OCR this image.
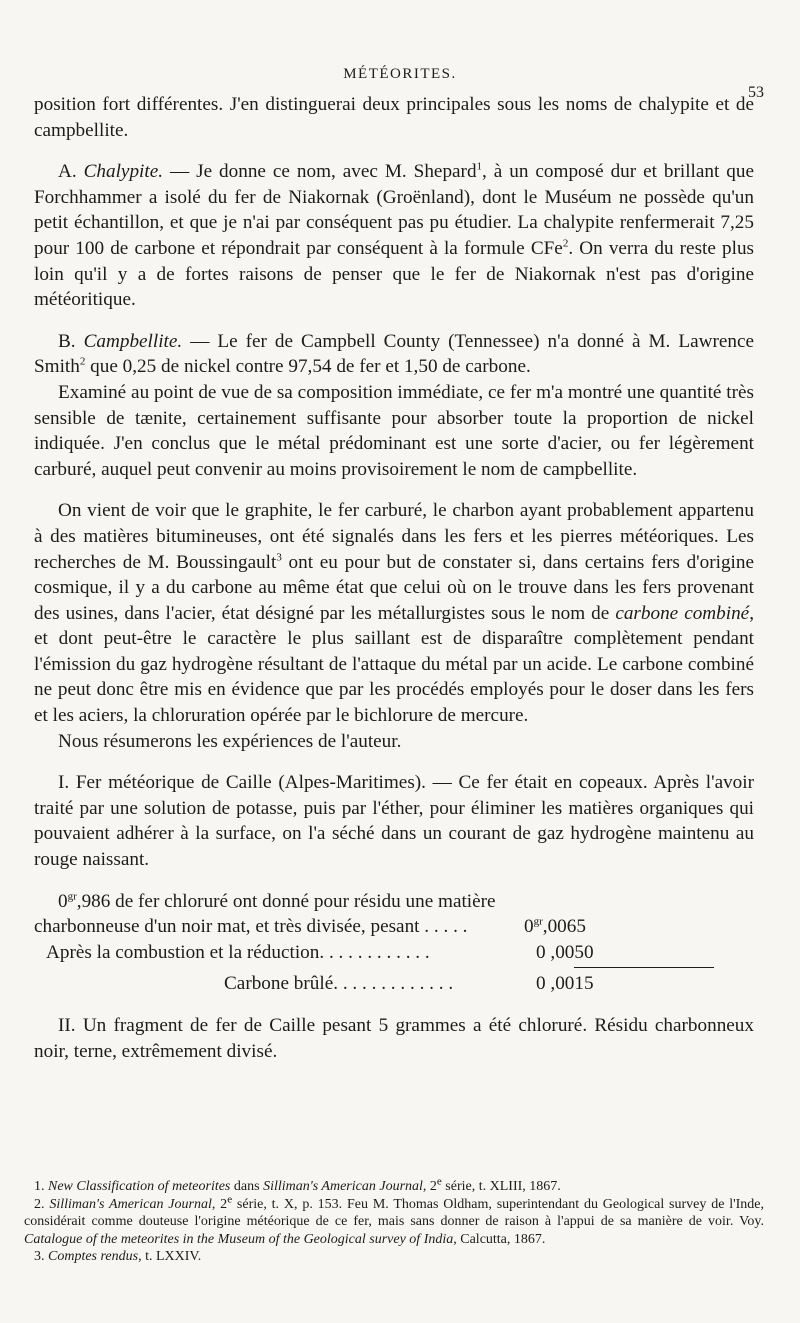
MÉTÉORITES.
53

position fort différentes. J'en distinguerai deux principales sous les noms de chalypite et de campbellite.

A. Chalypite. — Je donne ce nom, avec M. Shepard$^1$, à un composé dur et brillant que Forchhammer a isolé du fer de Niakornak (Groënland), dont le Muséum ne possède qu'un petit échantillon, et que je n'ai par conséquent pas pu étudier. La chalypite renfermerait 7,25 pour 100 de carbone et répondrait par conséquent à la formule CFe$^2$. On verra du reste plus loin qu'il y a de fortes raisons de penser que le fer de Niakornak n'est pas d'origine météoritique.

B. Campbellite. — Le fer de Campbell County (Tennessee) n'a donné à M. Lawrence Smith$^2$ que 0,25 de nickel contre 97,54 de fer et 1,50 de carbone.

Examiné au point de vue de sa composition immédiate, ce fer m'a montré une quantité très sensible de tænite, certainement suffisante pour absorber toute la proportion de nickel indiquée. J'en conclus que le métal prédominant est une sorte d'acier, ou fer légèrement carburé, auquel peut convenir au moins provisoirement le nom de campbellite.

On vient de voir que le graphite, le fer carburé, le charbon ayant probablement appartenu à des matières bitumineuses, ont été signalés dans les fers et les pierres météoriques. Les recherches de M. Boussingault$^3$ ont eu pour but de constater si, dans certains fers d'origine cosmique, il y a du carbone au même état que celui où on le trouve dans les fers provenant des usines, dans l'acier, état désigné par les métallurgistes sous le nom de carbone combiné, et dont peut-être le caractère le plus saillant est de disparaître complètement pendant l'émission du gaz hydrogène résultant de l'attaque du métal par un acide. Le carbone combiné ne peut donc être mis en évidence que par les procédés employés pour le doser dans les fers et les aciers, la chloruration opérée par le bichlorure de mercure.

Nous résumerons les expériences de l'auteur.

I. Fer météorique de Caille (Alpes-Maritimes). — Ce fer était en copeaux. Après l'avoir traité par une solution de potasse, puis par l'éther, pour éliminer les matières organiques qui pouvaient adhérer à la surface, on l'a séché dans un courant de gaz hydrogène maintenu au rouge naissant.

$0^{gr},986$ de fer chloruré ont donné pour résidu une matière

charbonneuse d'un noir mat, et très divisée, pesant . . . . .	$0^{gr},0065$
Après la combustion et la réduction. . . . . . . . . . . .	0 ,0050
Carbone brûlé. . . . . . . . . . . . .	0 ,0015

II. Un fragment de fer de Caille pesant 5 grammes a été chloruré. Résidu charbonneux noir, terne, extrêmement divisé.

1. New Classification of meteorites dans Silliman's American Journal, 2e série, t. XLIII, 1867.

2. Silliman's American Journal, 2e série, t. X, p. 153. Feu M. Thomas Oldham, superintendant du Geological survey de l'Inde, considérait comme douteuse l'origine météorique de ce fer, mais sans donner de raison à l'appui de sa manière de voir. Voy. Catalogue of the meteorites in the Museum of the Geological survey of India, Calcutta, 1867.

3. Comptes rendus, t. LXXIV.
